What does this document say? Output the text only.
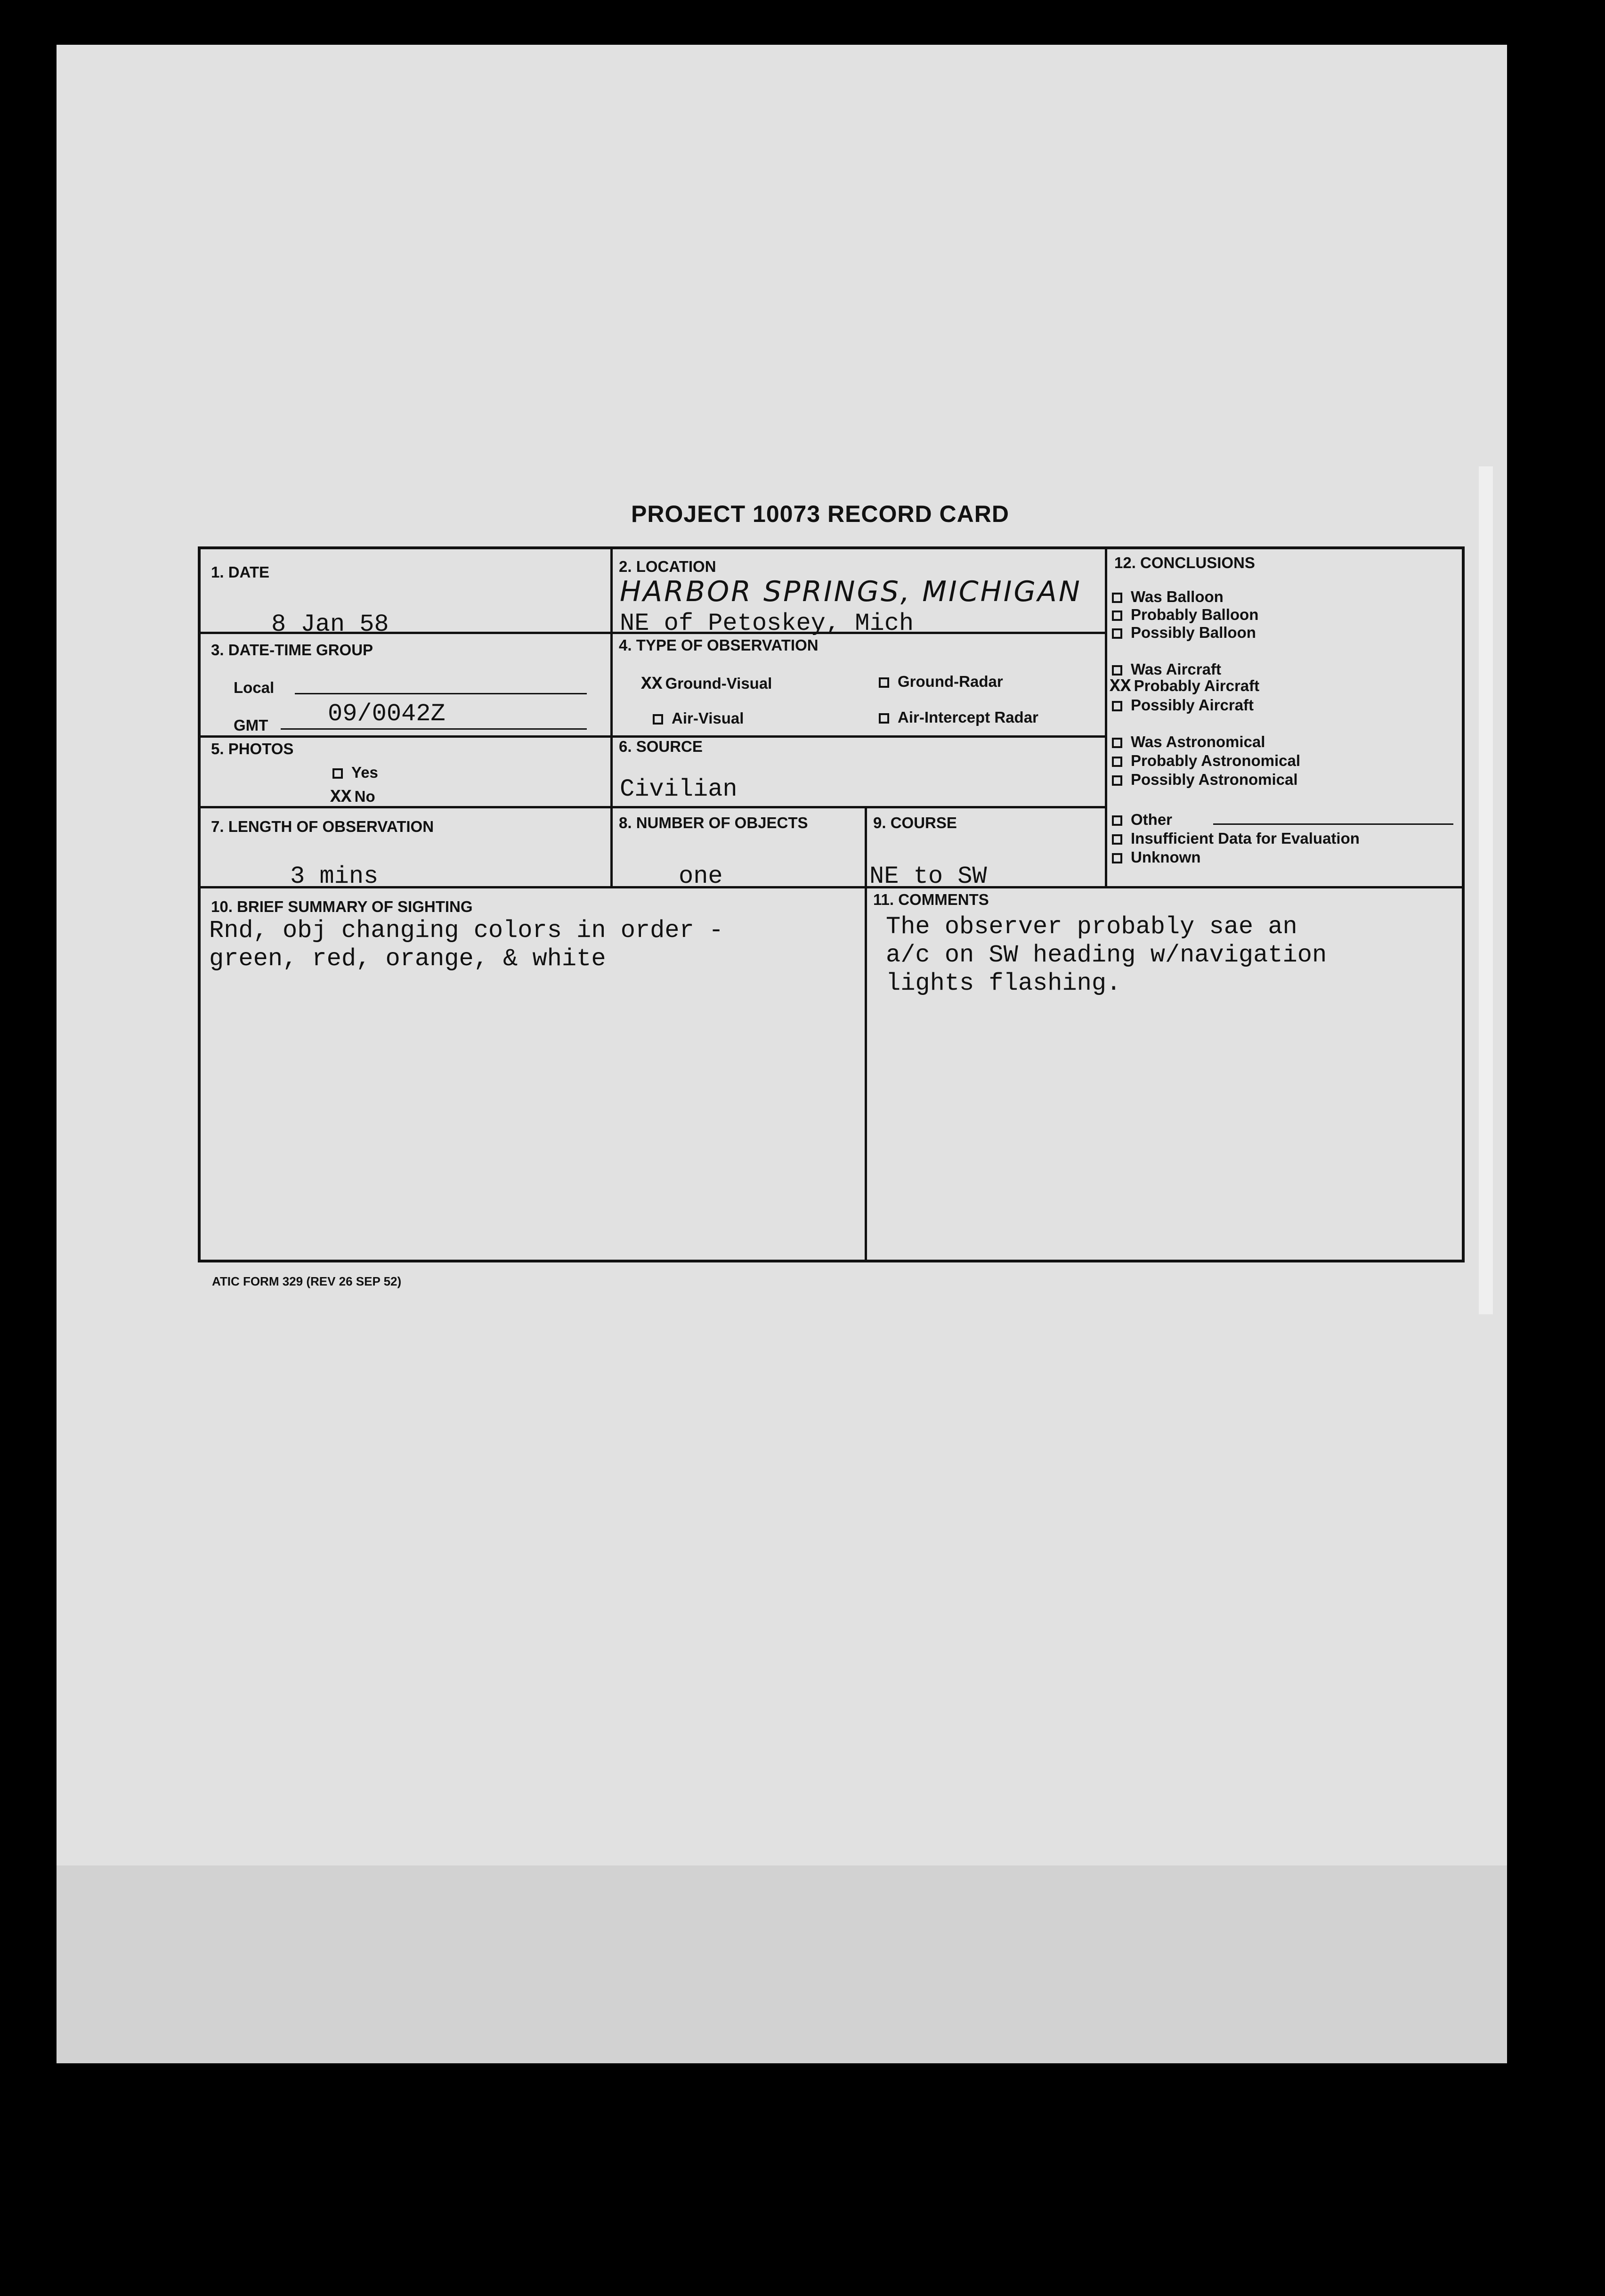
PROJECT 10073 RECORD CARD
1. DATE
8 Jan 58
2. LOCATION
HARBOR SPRINGS, MICHIGAN
NE of Petoskey, Mich
3. DATE-TIME GROUP
Local
GMT 09/0042Z
4. TYPE OF OBSERVATION
XX Ground-Visual	Ground-Radar
Air-Visual	Air-Intercept Radar
5. PHOTOS
Yes
XX No
6. SOURCE
Civilian
7. LENGTH OF OBSERVATION
3 mins
8. NUMBER OF OBJECTS
one
9. COURSE
NE to SW
10. BRIEF SUMMARY OF SIGHTING
Rnd, obj changing colors in order -
green, red, orange, & white
11. COMMENTS
The observer probably sae an
a/c on SW heading w/navigation
lights flashing.
12. CONCLUSIONS
Was Balloon
Probably Balloon
Possibly Balloon
Was Aircraft
XX Probably Aircraft
Possibly Aircraft
Was Astronomical
Probably Astronomical
Possibly Astronomical
Other
Insufficient Data for Evaluation
Unknown
ATIC FORM 329 (REV 26 SEP 52)
